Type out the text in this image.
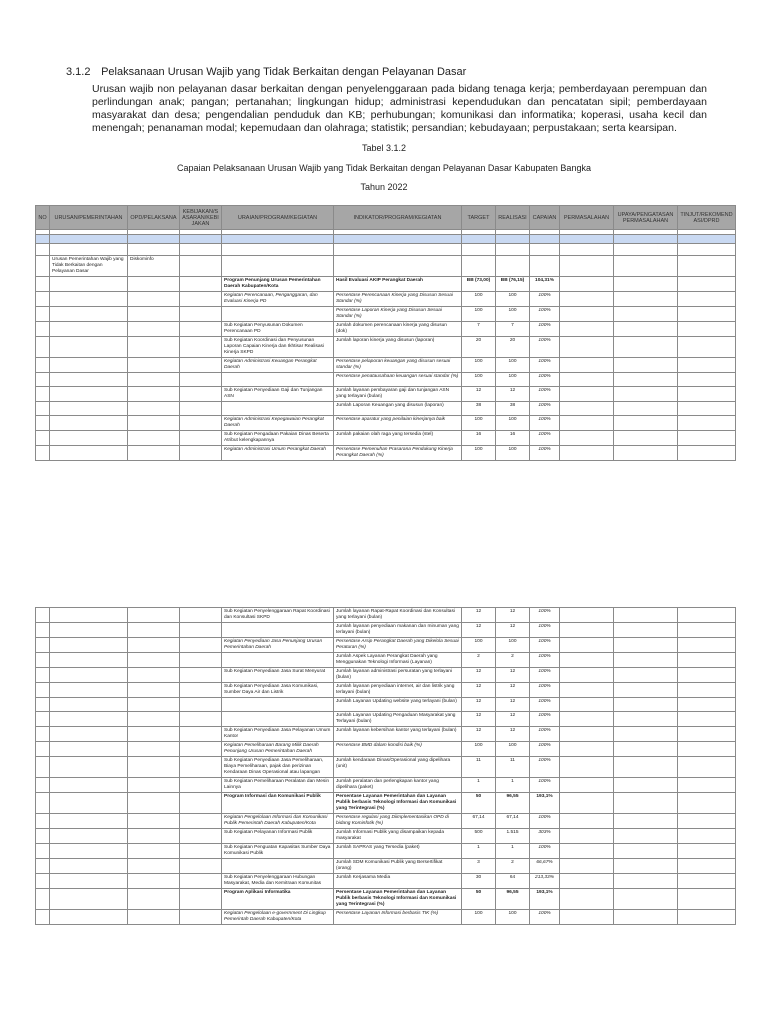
3.1.2 Pelaksanaan Urusan Wajib yang Tidak Berkaitan dengan Pelayanan Dasar
Urusan wajib non pelayanan dasar berkaitan dengan penyelenggaraan pada bidang tenaga kerja; pemberdayaan perempuan dan perlindungan anak; pangan; pertanahan; lingkungan hidup; administrasi kependudukan dan pencatatan sipil; pemberdayaan masyarakat dan desa; pengendalian penduduk dan KB; perhubungan; komunikasi dan informatika; koperasi, usaha kecil dan menengah; penanaman modal; kepemudaan dan olahraga; statistik; persandian; kebudayaan; perpustakaan; serta kearsipan.
Tabel 3.1.2
Capaian Pelaksanaan Urusan Wajib yang Tidak Berkaitan dengan Pelayanan Dasar Kabupaten Bangka
Tahun 2022
NO	URUSAN/PEMERINTAHAN	OPD/PELAKSANA	KEBIJAKAN/SASARAN/KEBIJAKAN	URAIAN/PROGRAM/KEGIATAN	INDIKATOR/PROGRAM/KEGIATAN	TARGET	REALISASI	CAPAIAN	PERMASALAHAN	UPAYA/PENGATASAN PERMASALAHAN	TINJUT/REKOMENDASI/DPRD

	Urusan Pemerintahan Wajib yang Tidak Berkaitan dengan Pelayanan Dasar	Diskominfo									
				Program Penunjang Urusan Pemerintahan Daerah Kabupaten/Kota	Hasil Evaluasi AKIP Perangkat Daerah	BB (73,00)	BB (76,15)	104,31%			
				Kegiatan Perencanaan, Penganggaran, dan Evaluasi Kinerja PD	Persentase Perencanaan Kinerja yang Disusun Sesuai Standar (%)	100	100	100%			
					Persentase Laporan Kinerja yang Disusun Sesuai Standar (%)	100	100	100%			
				Sub Kegiatan Penyusunan Dokumen Perencanaan PD	Jumlah dokumen perencanaan kinerja yang disusun (dok)	7	7	100%			
				Sub Kegiatan Koordinasi dan Penyusunan Laporan Capaian Kinerja dan Ikhtisar Realisasi Kinerja SKPD	Jumlah laporan kinerja yang disusun (laporan)	20	20	100%			
				Kegiatan Administrasi Keuangan Perangkat Daerah	Persentase pelaporan keuangan yang disusun sesuai standar (%)	100	100	100%			
					Persentase penatausahaan keuangan sesuai standar (%)	100	100	100%			
				Sub Kegiatan Penyediaan Gaji dan Tunjangan ASN	Jumlah layanan pembayaran gaji dan tunjangan ASN yang terlayani (bulan)	12	12	100%			
					Jumlah Laporan Keuangan yang disusun (laporan)	38	38	100%			
				Kegiatan Administrasi Kepegawaian Perangkat Daerah	Persentase aparatur yang penilaian kinerjanya baik	100	100	100%			
				Sub Kegiatan Pengadaan Pakaian Dinas Beserta Atribut kelengkapannya	Jumlah pakaian olah raga yang tersedia (stel)	16	16	100%			
				Kegiatan Administrasi Umum Perangkat Daerah	Persentase Pemenuhan Prasarana Pendukung Kinerja Perangkat Daerah (%)	100	100	100%			
				Sub Kegiatan Penyelenggaraan Rapat Koordinasi dan Konsultasi SKPD	Jumlah layanan Rapat-Rapat Koordinasi dan Konsultasi yang terlayani (bulan)	12	12	100%			
					Jumlah layanan penyediaan makanan dan minuman yang terlayani (bulan)	12	12	100%			
				Kegiatan Penyediaan Jasa Penunjang Urusan Pemerintahan Daerah	Persentase Arsip Perangkat Daerah yang Dikelola Sesuai Peraturan (%)	100	100	100%			
					Jumlah Aspek Layanan Perangkat Daerah yang Menggunakan Teknologi Informasi (Layanan)	2	2	100%			
				Sub Kegiatan Penyediaan Jasa Surat Menyurat	Jumlah layanan administrasi persuratan yang terlayani (bulan)	12	12	100%			
				Sub Kegiatan Penyediaan Jasa Komunikasi, Sumber Daya Air dan Listrik	Jumlah layanan penyediaan internet, air dan listrik yang terlayani (bulan)	12	12	100%			
					Jumlah Layanan Updating website yang terlayani (bulan)	12	12	100%			
					Jumlah Layanan Updating Pengaduan Masyarakat yang Terlayani (bulan)	12	12	100%			
				Sub Kegiatan Penyediaan Jasa Pelayanan Umum Kantor	Jumlah layanan kebersihan kantor yang terlayani (bulan)	12	12	100%			
				Kegiatan Pemeliharaan Barang Milik Daerah Penunjang Urusan Pemerintahan Daerah	Persentase BMD dalam kondisi baik (%)	100	100	100%			
				Sub Kegiatan Penyediaan Jasa Pemeliharaan, Biaya Pemeliharaan, pajak dan perizinan Kendaraan Dinas Operasional atau lapangan	Jumlah kendaraan Dinas/Operasional yang dipelihara (unit)	11	11	100%			
				Sub Kegiatan Pemeliharaan Peralatan dan Mesin Lainnya	Jumlah peralatan dan perlengkapan kantor yang dipelihara (paket)	1	1	100%			
				Program Informasi dan Komunikasi Publik	Persentase Layanan Pemerintahan dan Layanan Publik berbasis Teknologi Informasi dan Komunikasi yang Terintegrasi (%)	50	96,55	193,1%			
				Kegiatan Pengelolaan Informasi dan Komunikasi Publik Pemerintah Daerah Kabupaten/Kota	Persentase regulasi yang Diimplementasikan OPD di bidang Kominfotik (%)	67,14	67,14	100%			
				Sub Kegiatan Pelayanan Informasi Publik	Jumlah Informasi Publik yang disampaikan kepada masyarakat	500	1.515	303%			
				Sub Kegiatan Penguatan Kapasitas Sumber Daya Komunikasi Publik	Jumlah SAPRAS yang Tersedia (paket)	1	1	100%			
					Jumlah SDM Komunikasi Publik yang Bersertifikat (orang)	3	2	66,67%			
				Sub Kegiatan Penyelenggaraan Hubungan Masyarakat, Media dan Kemitraan Komunitas	Jumlah Kerjasama Media	30	64	213,33%			
				Program Aplikasi Informatika	Persentase Layanan Pemerintahan dan Layanan Publik berbasis Teknologi Informasi dan Komunikasi yang Terintegrasi (%)	50	96,55	193,1%			
				Kegiatan Pengelolaan e-government Di Lingkup Pemerintah Daerah Kabupaten/Kota	Persentase Layanan Informasi berbasis TIK (%)	100	100	100%			
